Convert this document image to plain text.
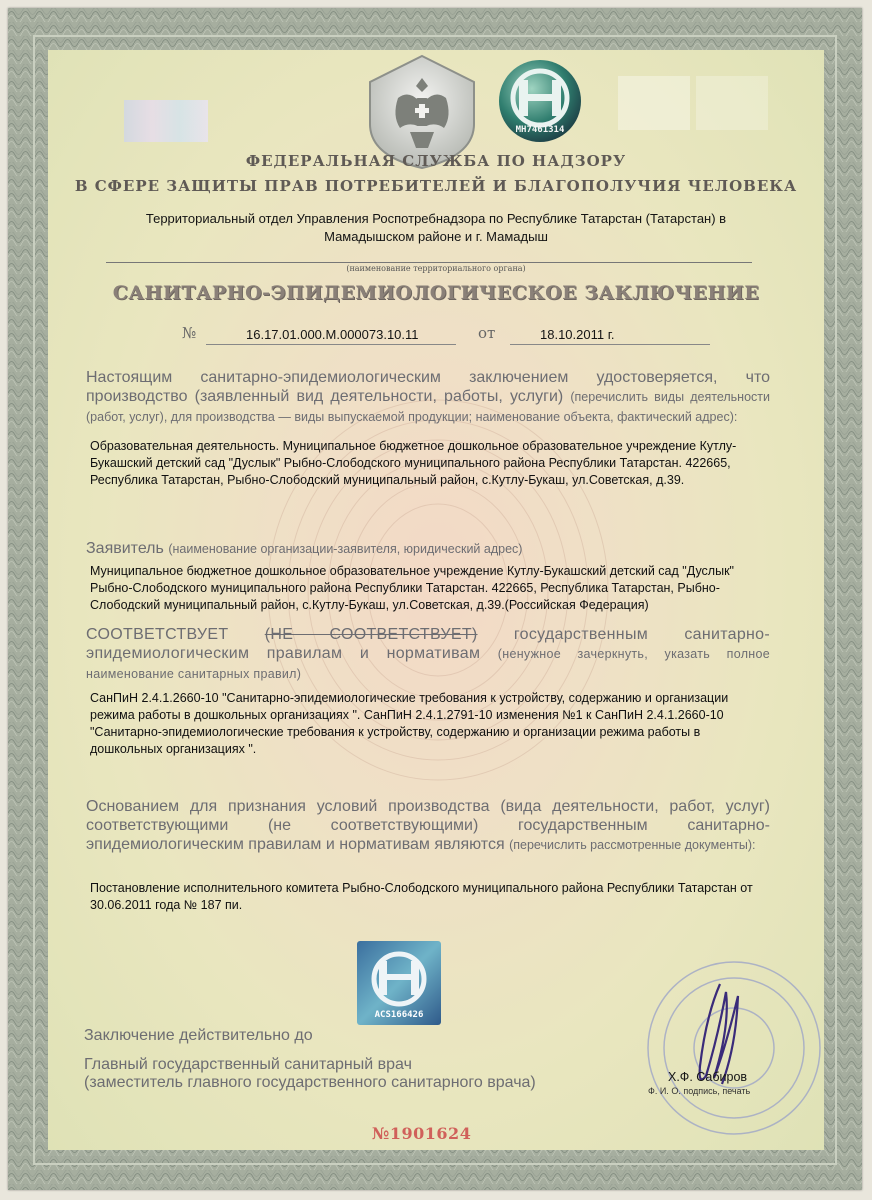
MH7461314
ФЕДЕРАЛЬНАЯ СЛУЖБА ПО НАДЗОРУ
В СФЕРЕ ЗАЩИТЫ ПРАВ ПОТРЕБИТЕЛЕЙ И БЛАГОПОЛУЧИЯ ЧЕЛОВЕКА
Территориальный отдел Управления Роспотребнадзора по Республике Татарстан (Татарстан) в
Мамадышском районе и г. Мамадыш
(наименование территориального органа)
САНИТАРНО-ЭПИДЕМИОЛОГИЧЕСКОЕ ЗАКЛЮЧЕНИЕ
№	16.17.01.000.М.000073.10.11	от	18.10.2011 г.
Настоящим санитарно-эпидемиологическим заключением удостоверяется, что производство (заявленный вид деятельности, работы, услуги) (перечислить виды деятельности (работ, услуг), для производства — виды выпускаемой продукции; наименование объекта, фактический адрес):
Образовательная деятельность. Муниципальное бюджетное дошкольное образовательное учреждение Кутлу-Букашский детский сад "Дуслык" Рыбно-Слободского муниципального района Республики Татарстан. 422665, Республика Татарстан, Рыбно-Слободский муниципальный район, с.Кутлу-Букаш, ул.Советская, д.39.
Заявитель (наименование организации-заявителя, юридический адрес)
Муниципальное бюджетное дошкольное образовательное учреждение Кутлу-Букашский детский сад "Дуслык" Рыбно-Слободского муниципального района Республики Татарстан. 422665, Республика Татарстан, Рыбно-Слободский муниципальный район, с.Кутлу-Букаш, ул.Советская, д.39.(Российская Федерация)
СООТВЕТСТВУЕТ (НЕ СООТВЕТСТВУЕТ) государственным санитарно-эпидемиологическим правилам и нормативам (ненужное зачеркнуть, указать полное наименование санитарных правил)
СанПиН 2.4.1.2660-10 "Санитарно-эпидемиологические требования к устройству, содержанию и организации режима работы в дошкольных организациях ". СанПиН 2.4.1.2791-10 изменения №1 к СанПиН 2.4.1.2660-10 "Санитарно-эпидемиологические требования к устройству, содержанию и организации режима работы в дошкольных организациях ".
Основанием для признания условий производства (вида деятельности, работ, услуг) соответствующими (не соответствующими) государственным санитарно-эпидемиологическим правилам и нормативам являются (перечислить рассмотренные документы):
Постановление исполнительного комитета Рыбно-Слободского муниципального района Республики Татарстан от 30.06.2011 года № 187 пи.
ACS166426
Заключение действительно до
Главный государственный санитарный врач
(заместитель главного государственного санитарного врача)	Х.Ф. Сабиров
Ф. И. О. подпись, печать
№1901624
